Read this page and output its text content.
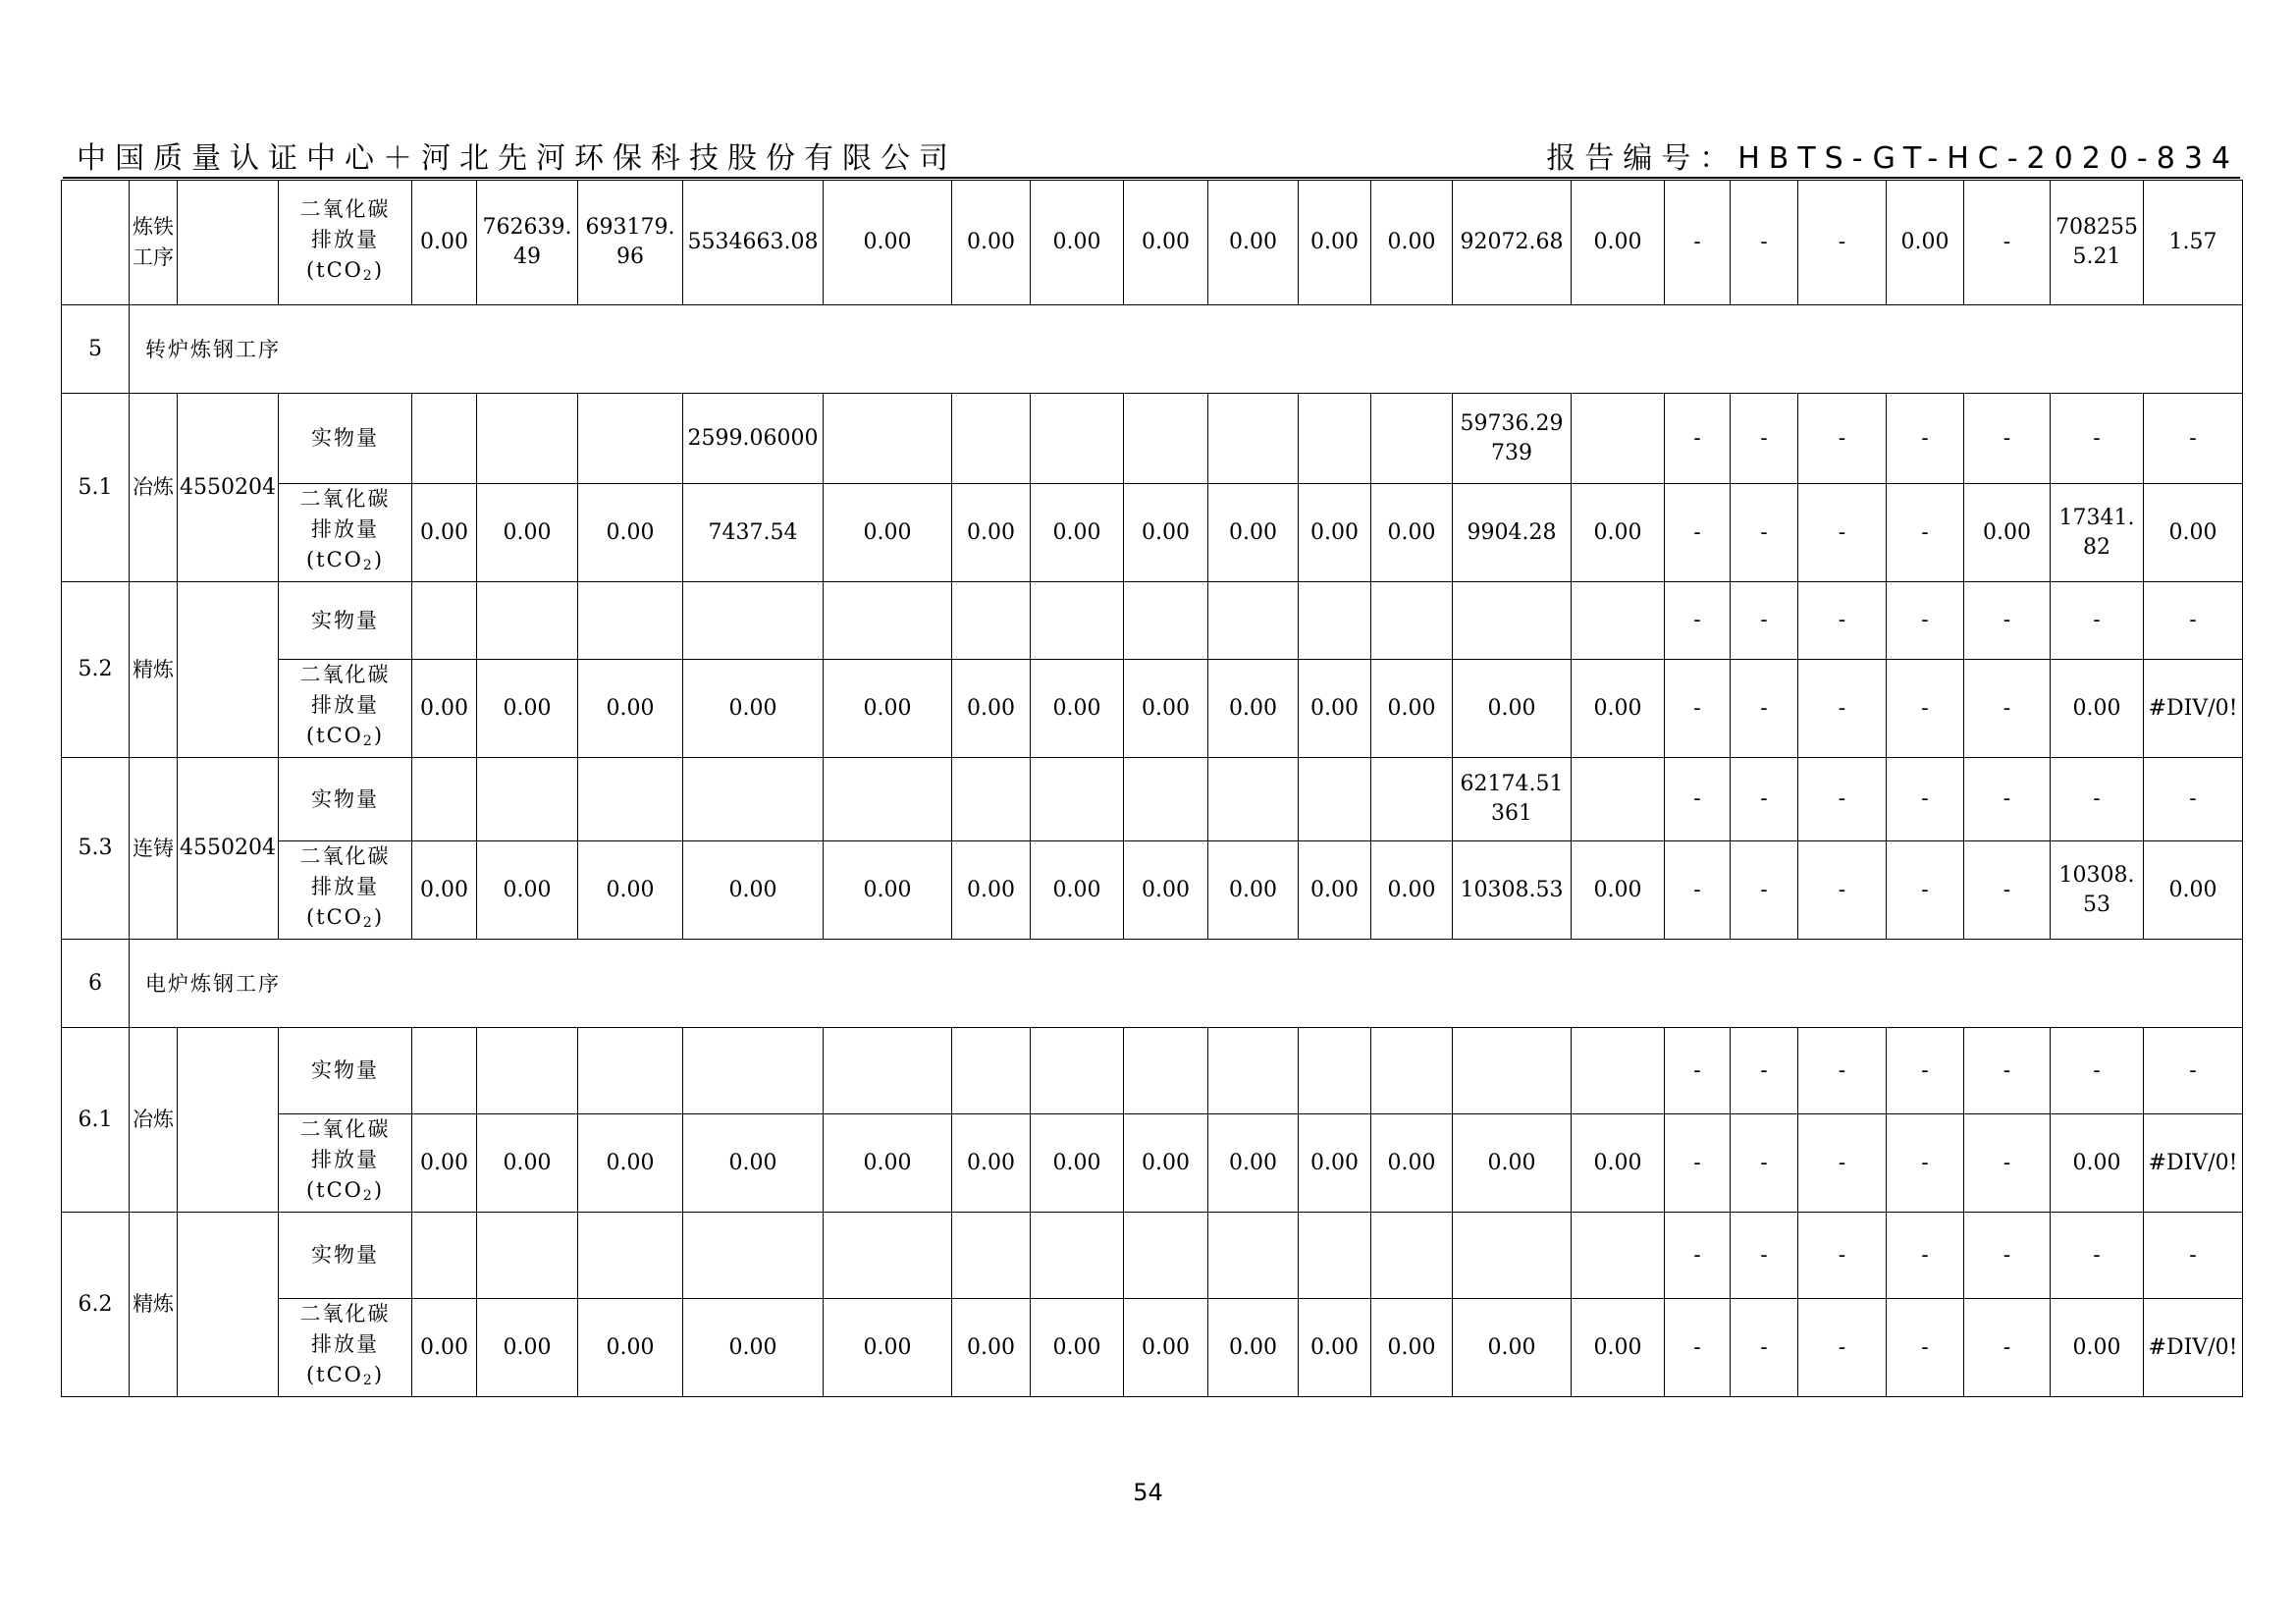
中国质量认证中心＋河北先河环保科技股份有限公司	报告编号：HBTS-GT-HC-2020-834
	炼铁工序		二氧化碳
排放量
(tCO$_2$)	0.00	762639.49	693179.96	5534663.08	0.00	0.00	0.00	0.00	0.00	0.00	0.00	92072.68	0.00	-	-	-	0.00	-	7082555.21	1.57
5	转炉炼钢工序																						
5.1	冶炼	4550204	实物量				2599.06000								59736.29739		-	-	-	-	-	-	-
			二氧化碳
排放量
(tCO$_2$)	0.00	0.00	0.00	7437.54	0.00	0.00	0.00	0.00	0.00	0.00	0.00	9904.28	0.00	-	-	-	-	0.00	17341.82	0.00
5.2	精炼		实物量														-	-	-	-	-	-	-
			二氧化碳
排放量
(tCO$_2$)	0.00	0.00	0.00	0.00	0.00	0.00	0.00	0.00	0.00	0.00	0.00	0.00	0.00	-	-	-	-	-	0.00	#DIV/0!
5.3	连铸	4550204	实物量												62174.51361		-	-	-	-	-	-	-
			二氧化碳
排放量
(tCO$_2$)	0.00	0.00	0.00	0.00	0.00	0.00	0.00	0.00	0.00	0.00	0.00	10308.53	0.00	-	-	-	-	-	10308.53	0.00
6	电炉炼钢工序																						
6.1	冶炼		实物量														-	-	-	-	-	-	-
			二氧化碳
排放量
(tCO$_2$)	0.00	0.00	0.00	0.00	0.00	0.00	0.00	0.00	0.00	0.00	0.00	0.00	0.00	-	-	-	-	-	0.00	#DIV/0!
6.2	精炼		实物量														-	-	-	-	-	-	-
			二氧化碳
排放量
(tCO$_2$)	0.00	0.00	0.00	0.00	0.00	0.00	0.00	0.00	0.00	0.00	0.00	0.00	0.00	-	-	-	-	-	0.00	#DIV/0!
54
